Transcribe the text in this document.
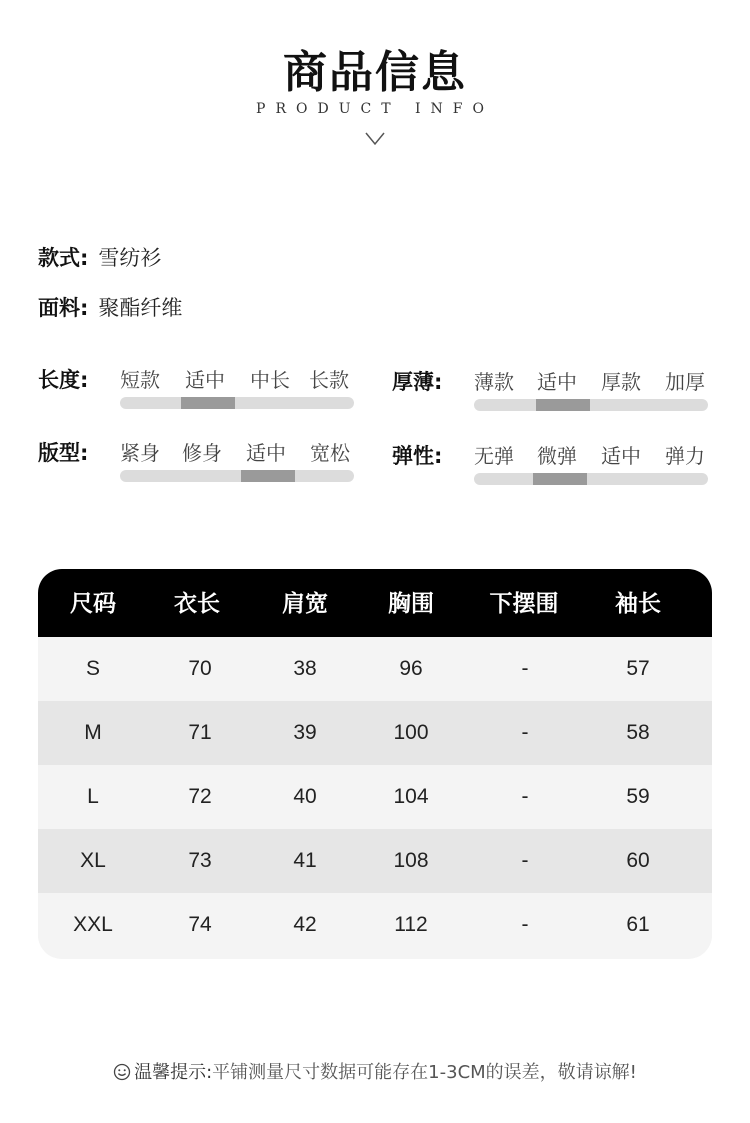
商品信息
PRODUCT INFO
款式: 雪纺衫
面料: 聚酯纤维
长度: 短款 适中 中长 长款 厚薄: 薄款 适中 厚款 加厚
版型: 紧身 修身 适中 宽松 弹性: 无弹 微弹 适中 弹力
尺码	衣长	肩宽	胸围	下摆围	袖长
S	70	38	96	-	57
M	71	39	100	-	58
L	72	40	104	-	59
XL	73	41	108	-	60
XXL	74	42	112	-	61
温馨提示:平铺测量尺寸数据可能存在1-3CM的误差，敬请谅解!
